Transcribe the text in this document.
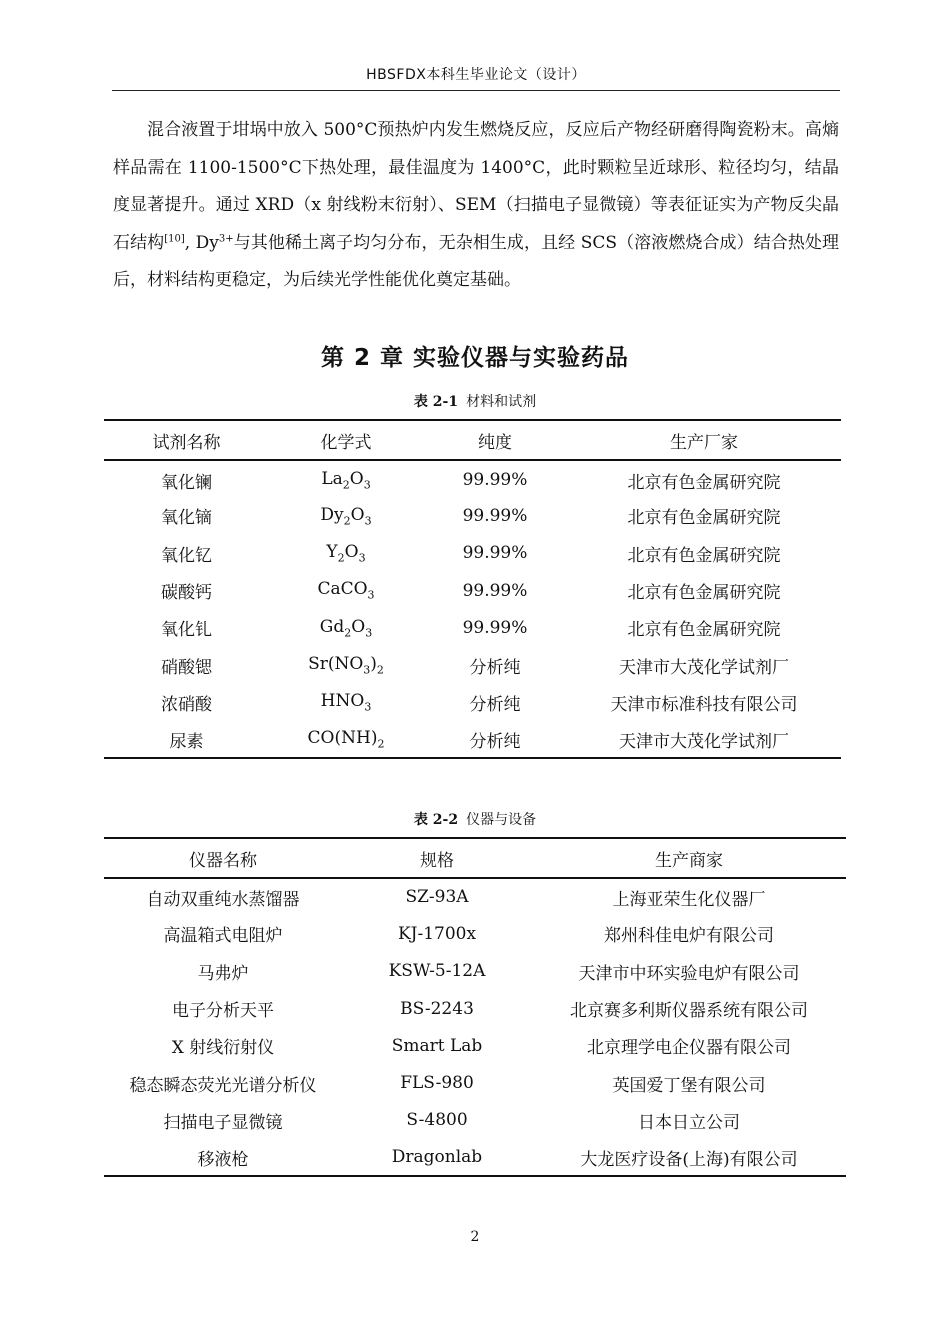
HBSFDX本科生毕业论文（设计）

混合液置于坩埚中放入 500°C预热炉内发生燃烧反应，反应后产物经研磨得陶瓷粉末。高熵样品需在 1100-1500°C下热处理，最佳温度为 1400°C，此时颗粒呈近球形、粒径均匀，结晶度显著提升。通过 XRD（x 射线粉末衍射）、SEM（扫描电子显微镜）等表征证实为产物反尖晶石结构[10], $Dy^{3+}$与其他稀土离子均匀分布，无杂相生成，且经 SCS（溶液燃烧合成）结合热处理后，材料结构更稳定，为后续光学性能优化奠定基础。

第 2 章 实验仪器与实验药品
表 2-1 材料和试剂
试剂名称	化学式	纯度	生产厂家
氧化镧	$La_2O_3$	99.99%	北京有色金属研究院
氧化镝	$Dy_2O_3$	99.99%	北京有色金属研究院
氧化钇	$Y_2O_3$	99.99%	北京有色金属研究院
碳酸钙	CaCO$_3$	99.99%	北京有色金属研究院
氧化钆	$Gd_2O_3$	99.99%	北京有色金属研究院
硝酸锶	$Sr(NO_3)_2$	分析纯	天津市大茂化学试剂厂
浓硝酸	$HNO_3$	分析纯	天津市标准科技有限公司
尿素	$CO(NH)_2$	分析纯	天津市大茂化学试剂厂
表 2-2 仪器与设备
仪器名称	规格	生产商家
自动双重纯水蒸馏器	SZ-93A	上海亚荣生化仪器厂
高温箱式电阻炉	KJ-1700x	郑州科佳电炉有限公司
马弗炉	KSW-5-12A	天津市中环实验电炉有限公司
电子分析天平	BS-2243	北京赛多利斯仪器系统有限公司
X 射线衍射仪	Smart Lab	北京理学电企仪器有限公司
稳态瞬态荧光光谱分析仪	FLS-980	英国爱丁堡有限公司
扫描电子显微镜	S-4800	日本日立公司
移液枪	Dragonlab	大龙医疗设备(上海)有限公司
2
